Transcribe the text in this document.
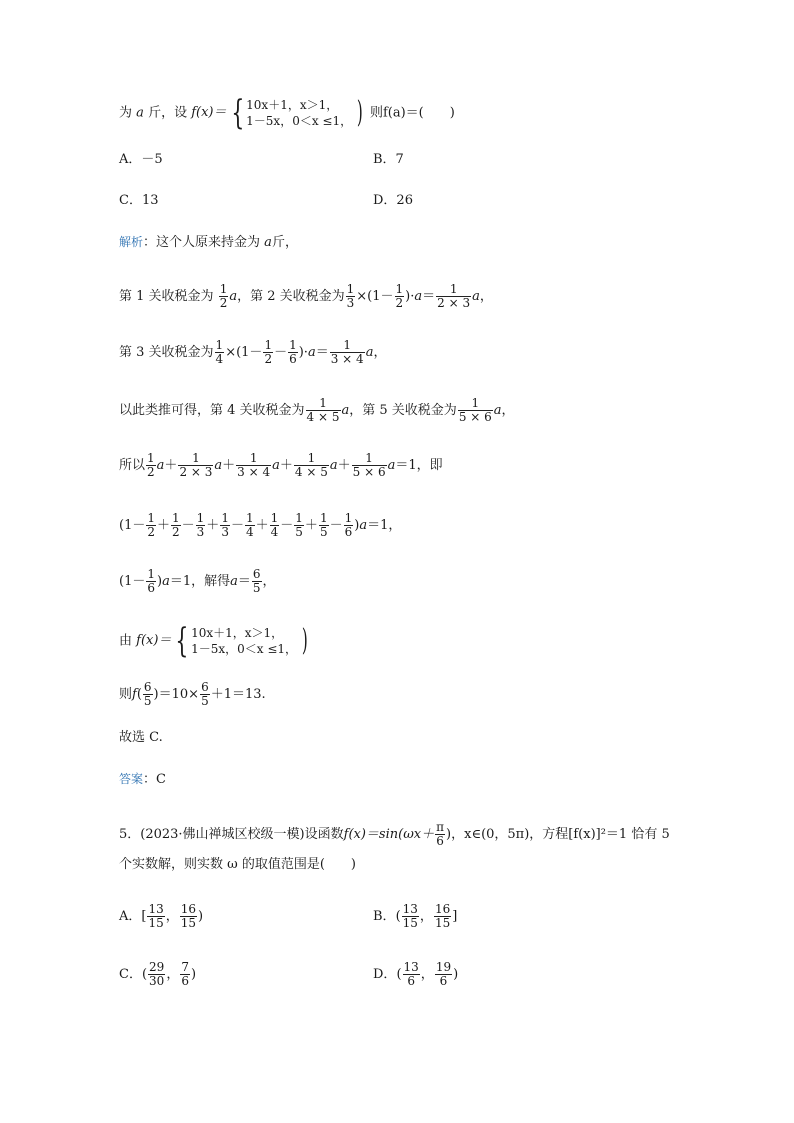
为 a 斤，设 f(x)＝ { 10x＋1，x＞1，
1－5x，0＜x ≤1， ) 则f(a)＝(　　)
A．－5	B．7
C．13	D．26
解析：这个人原来持金为 a斤，
第 1 关收税金为 $\frac{1}{2}$ a，第 2 关收税金为 $\frac{1}{3} \times(1- \frac{1}{2} )\cdot a= \frac{1}{2 \times 3}$ a，
第 3 关收税金为 $\frac{1}{4} \times(1- \frac{1}{2} - \frac{1}{6} )\cdot a= \frac{1}{3 \times 4}$ a，
以此类推可得，第 4 关收税金为 $\frac{1}{4 \times 5}$ a，第 5 关收税金为 $\frac{1}{5 \times 6}$ a，
所以 $\frac{1}{2} a+ \frac{1}{2 \times 3} a+ \frac{1}{3 \times 4} a+ \frac{1}{4 \times 5} a+ \frac{1}{5 \times 6} a=1$，即
$(1- \frac{1}{2} + \frac{1}{2} - \frac{1}{3} + \frac{1}{3} - \frac{1}{4} + \frac{1}{4} - \frac{1}{5} + \frac{1}{5} - \frac{1}{6} )a=1$，
$(1- \frac{1}{6} )a=1$，解得$a= \frac{6}{5}$ ，
由 f(x)＝ { 10x＋1，x＞1，
1－5x，0＜x ≤1， )
则$f( \frac{6}{5} )=10\times \frac{6}{5} +1=13$.
故选 C.
答案：C
5．(2023·佛山禅城区校级一模)设函数$f(x)=\sin(\omega x+ \frac{\pi}{6}$ )，x∈(0，5π)，方程[f(x)]²＝1 恰有 5
个实数解，则实数 ω 的取值范围是(　　)
A．[ $\frac{13}{15}$ ， $\frac{16}{15}$ )	B．( $\frac{13}{15}$ ， $\frac{16}{15}$ ]
C．( $\frac{29}{30}$ ， $\frac{7}{6}$ )	D．( $\frac{13}{6}$ ， $\frac{19}{6}$ )
